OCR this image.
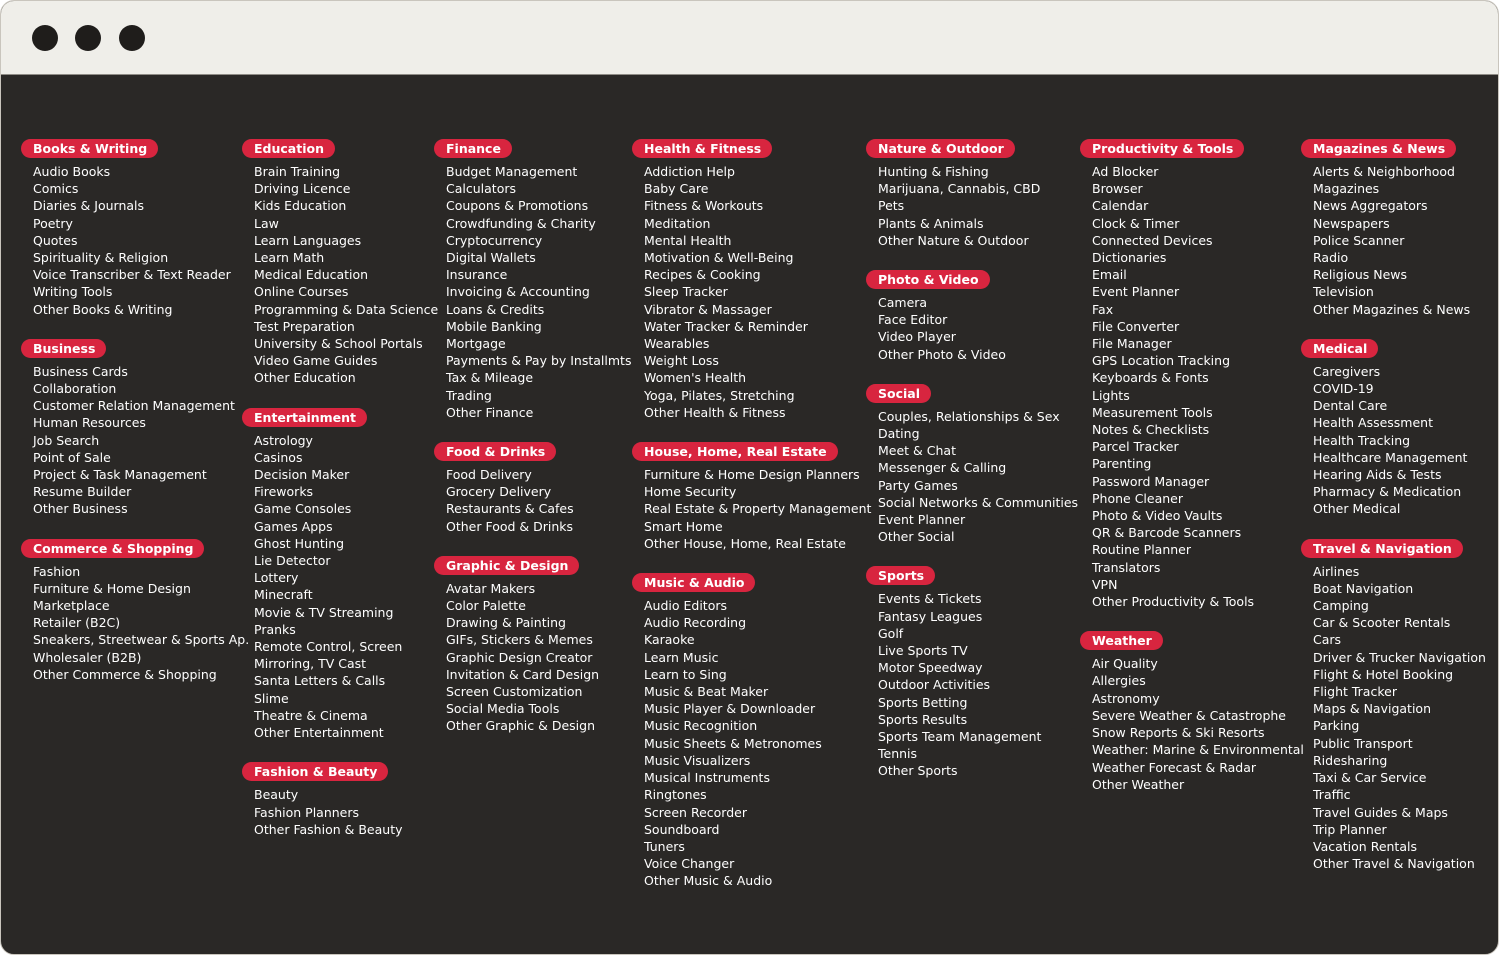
Books & Writing
Audio Books
Comics
Diaries & Journals
Poetry
Quotes
Spirituality & Religion
Voice Transcriber & Text Reader
Writing Tools
Other Books & Writing
Business
Business Cards
Collaboration
Customer Relation Management
Human Resources
Job Search
Point of Sale
Project & Task Management
Resume Builder
Other Business
Commerce & Shopping
Fashion
Furniture & Home Design
Marketplace
Retailer (B2C)
Sneakers, Streetwear & Sports Ap.
Wholesaler (B2B)
Other Commerce & Shopping
Education
Brain Training
Driving Licence
Kids Education
Law
Learn Languages
Learn Math
Medical Education
Online Courses
Programming & Data Science
Test Preparation
University & School Portals
Video Game Guides
Other Education
Entertainment
Astrology
Casinos
Decision Maker
Fireworks
Game Consoles
Games Apps
Ghost Hunting
Lie Detector
Lottery
Minecraft
Movie & TV Streaming
Pranks
Remote Control, Screen
Mirroring, TV Cast
Santa Letters & Calls
Slime
Theatre & Cinema
Other Entertainment
Fashion & Beauty
Beauty
Fashion Planners
Other Fashion & Beauty
Finance
Budget Management
Calculators
Coupons & Promotions
Crowdfunding & Charity
Cryptocurrency
Digital Wallets
Insurance
Invoicing & Accounting
Loans & Credits
Mobile Banking
Mortgage
Payments & Pay by Installmts
Tax & Mileage
Trading
Other Finance
Food & Drinks
Food Delivery
Grocery Delivery
Restaurants & Cafes
Other Food & Drinks
Graphic & Design
Avatar Makers
Color Palette
Drawing & Painting
GIFs, Stickers & Memes
Graphic Design Creator
Invitation & Card Design
Screen Customization
Social Media Tools
Other Graphic & Design
Health & Fitness
Addiction Help
Baby Care
Fitness & Workouts
Meditation
Mental Health
Motivation & Well-Being
Recipes & Cooking
Sleep Tracker
Vibrator & Massager
Water Tracker & Reminder
Wearables
Weight Loss
Women's Health
Yoga, Pilates, Stretching
Other Health & Fitness
House, Home, Real Estate
Furniture & Home Design Planners
Home Security
Real Estate & Property Management
Smart Home
Other House, Home, Real Estate
Music & Audio
Audio Editors
Audio Recording
Karaoke
Learn Music
Learn to Sing
Music & Beat Maker
Music Player & Downloader
Music Recognition
Music Sheets & Metronomes
Music Visualizers
Musical Instruments
Ringtones
Screen Recorder
Soundboard
Tuners
Voice Changer
Other Music & Audio
Nature & Outdoor
Hunting & Fishing
Marijuana, Cannabis, CBD
Pets
Plants & Animals
Other Nature & Outdoor
Photo & Video
Camera
Face Editor
Video Player
Other Photo & Video
Social
Couples, Relationships & Sex
Dating
Meet & Chat
Messenger & Calling
Party Games
Social Networks & Communities
Event Planner
Other Social
Sports
Events & Tickets
Fantasy Leagues
Golf
Live Sports TV
Motor Speedway
Outdoor Activities
Sports Betting
Sports Results
Sports Team Management
Tennis
Other Sports
Productivity & Tools
Ad Blocker
Browser
Calendar
Clock & Timer
Connected Devices
Dictionaries
Email
Event Planner
Fax
File Converter
File Manager
GPS Location Tracking
Keyboards & Fonts
Lights
Measurement Tools
Notes & Checklists
Parcel Tracker
Parenting
Password Manager
Phone Cleaner
Photo & Video Vaults
QR & Barcode Scanners
Routine Planner
Translators
VPN
Other Productivity & Tools
Weather
Air Quality
Allergies
Astronomy
Severe Weather & Catastrophe
Snow Reports & Ski Resorts
Weather: Marine & Environmental
Weather Forecast & Radar
Other Weather
Magazines & News
Alerts & Neighborhood
Magazines
News Aggregators
Newspapers
Police Scanner
Radio
Religious News
Television
Other Magazines & News
Medical
Caregivers
COVID-19
Dental Care
Health Assessment
Health Tracking
Healthcare Management
Hearing Aids & Tests
Pharmacy & Medication
Other Medical
Travel & Navigation
Airlines
Boat Navigation
Camping
Car & Scooter Rentals
Cars
Driver & Trucker Navigation
Flight & Hotel Booking
Flight Tracker
Maps & Navigation
Parking
Public Transport
Ridesharing
Taxi & Car Service
Traffic
Travel Guides & Maps
Trip Planner
Vacation Rentals
Other Travel & Navigation
